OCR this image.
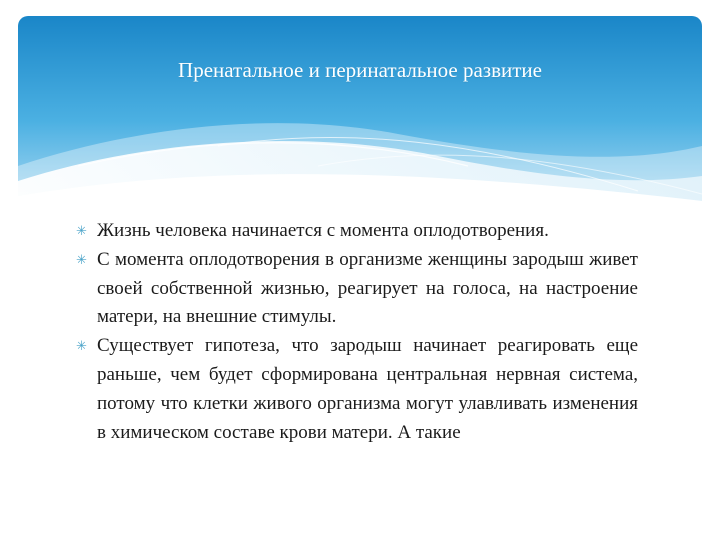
Пренатальное и перинатальное развитие
✳ Жизнь человека начинается с момента оплодотворения.
✳ С момента оплодотворения в организме женщины зародыш живет своей собственной жизнью, реагирует на голоса, на настроение матери, на внешние стимулы.
✳ Существует гипотеза, что зародыш начинает реагировать еще раньше, чем будет сформирована центральная нервная система, потому что клетки живого организма могут улавливать изменения в химическом составе крови матери. А такие
